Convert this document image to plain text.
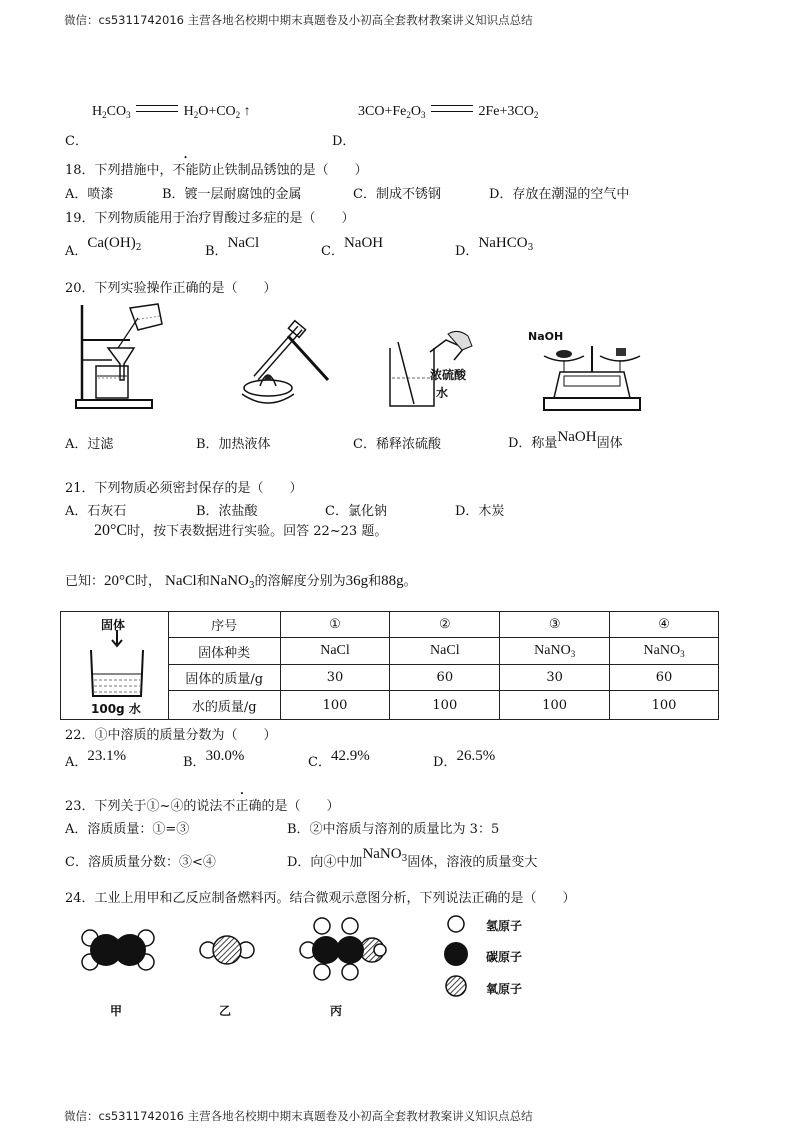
微信：cs5311742016 主营各地名校期中期末真题卷及小初高全套教材教案讲义知识点总结
$H_2CO_3$	$H_2O+CO_2$ ↑	$3CO+Fe_2O_3$	$2Fe+3CO_2$
C．	D．
18．下列措施中，不能防止铁制品锈蚀的是（　　）
A．喷漆	B．镀一层耐腐蚀的金属	C．制成不锈钢	D．存放在潮湿的空气中
19．下列物质能用于治疗胃酸过多症的是（　　）
A．$Ca(OH)_2$	B．NaCl
C．NaOH
D．NaHCO$_3$
20．下列实验操作正确的是（　　）
浓硫酸
水
NaOH
A．过滤	B．加热液体	C．稀释浓硫酸	D．称量NaOH固体
21．下列物质必须密封保存的是（　　）
A．石灰石	B．浓盐酸	C．氯化钠	D．木炭
20°C时，按下表数据进行实验。回答 22~23 题。
已知：20°C时， NaCl和NaNO$_3$的溶解度分别为36g和88g。
固体
100g 水	序号	①	②	③	④
	固体种类	NaCl	NaCl	NaNO$_3$	NaNO$_3$
	固体的质量/g	30	60	30	60
	水的质量/g	100	100	100	100
22．①中溶质的质量分数为（　　）
A．23.1%	B．30.0%	C．42.9%	D．26.5%
23．下列关于①~④的说法不正确的是（　　）
A．溶质质量：①=③	B．②中溶质与溶剂的质量比为 3：5
C．溶质质量分数：③<④	D．向④中加NaNO$_3$固体，溶液的质量变大
24．工业上用甲和乙反应制备燃料丙。结合微观示意图分析，下列说法正确的是（　　）
氢原子
碳原子
氧原子
甲	乙	丙
微信：cs5311742016 主营各地名校期中期末真题卷及小初高全套教材教案讲义知识点总结
